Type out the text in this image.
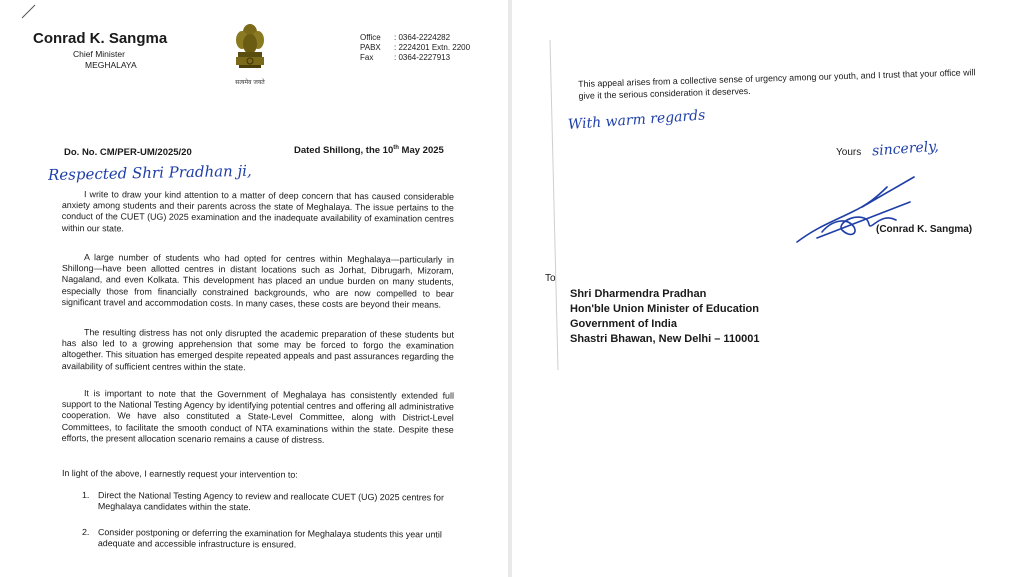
Conrad K. Sangma
Chief Minister
MEGHALAYA
सत्यमेव जयते
Office : 0364-2224282
PABX : 2224201 Extn. 2200
Fax	: 0364-2227913
Do. No. CM/PER-UM/2025/20	Dated Shillong, the 10th May 2025
Respected Shri Pradhan ji,
I write to draw your kind attention to a matter of deep concern that has caused considerable anxiety among students and their parents across the state of Meghalaya. The issue pertains to the conduct of the CUET (UG) 2025 examination and the inadequate availability of examination centres within our state.
A large number of students who had opted for centres within Meghalaya—particularly in Shillong—have been allotted centres in distant locations such as Jorhat, Dibrugarh, Mizoram, Nagaland, and even Kolkata. This development has placed an undue burden on many students, especially those from financially constrained backgrounds, who are now compelled to bear significant travel and accommodation costs. In many cases, these costs are beyond their means.
The resulting distress has not only disrupted the academic preparation of these students but has also led to a growing apprehension that some may be forced to forgo the examination altogether. This situation has emerged despite repeated appeals and past assurances regarding the availability of sufficient centres within the state.
It is important to note that the Government of Meghalaya has consistently extended full support to the National Testing Agency by identifying potential centres and offering all administrative cooperation. We have also constituted a State-Level Committee, along with District-Level Committees, to facilitate the smooth conduct of NTA examinations within the state. Despite these efforts, the present allocation scenario remains a cause of distress.
In light of the above, I earnestly request your intervention to:
1. Direct the National Testing Agency to review and reallocate CUET (UG) 2025 centres for Meghalaya candidates within the state.
2. Consider postponing or deferring the examination for Meghalaya students this year until adequate and accessible infrastructure is ensured.
This appeal arises from a collective sense of urgency among our youth, and I trust that your office will give it the serious consideration it deserves.
With warm regards
Yours sincerely,
(Conrad K. Sangma)
To
Shri Dharmendra Pradhan
Hon'ble Union Minister of Education
Government of India
Shastri Bhawan, New Delhi – 110001
